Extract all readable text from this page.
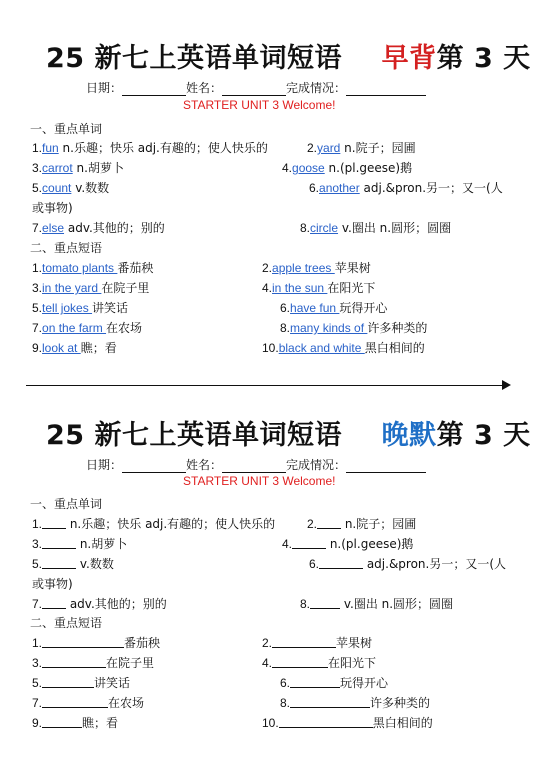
25 新七上英语单词短语 早背第 3 天
日期：	姓名：	完成情况：
STARTER UNIT 3 Welcome!
一、重点单词
1.fun n.乐趣；快乐 adj.有趣的；使人快乐的	2.yard n.院子；园圃
3.carrot n.胡萝卜	4.goose n.(pl.geese)鹅
5.count v.数数	6.another adj.&pron.另一；又一(人
或事物)
7.else adv.其他的；别的	8.circle v.圈出 n.圆形；圆圈
二、重点短语
1.tomato plants 番茄秧	2.apple trees 苹果树
3.in the yard 在院子里	4.in the sun 在阳光下
5.tell jokes 讲笑话	6.have fun 玩得开心
7.on the farm 在农场	8.many kinds of 许多种类的
9.look at 瞧；看	10.black and white 黑白相间的
25 新七上英语单词短语 晚默第 3 天
日期：	姓名：	完成情况：
STARTER UNIT 3 Welcome!
一、重点单词
1. n.乐趣；快乐 adj.有趣的；使人快乐的	2. n.院子；园圃
3.	n.胡萝卜	4.	n.(pl.geese)鹅
5.	v.数数	6.	adj.&pron.另一；又一(人
或事物)
7. adv.其他的；别的	8.	v.圈出 n.圆形；圆圈
二、重点短语
1.	番茄秧	2.	苹果树
3.	在院子里	4.	在阳光下
5.	讲笑话	6.	玩得开心
7.	在农场	8.	许多种类的
9.	瞧；看	10.	黑白相间的
